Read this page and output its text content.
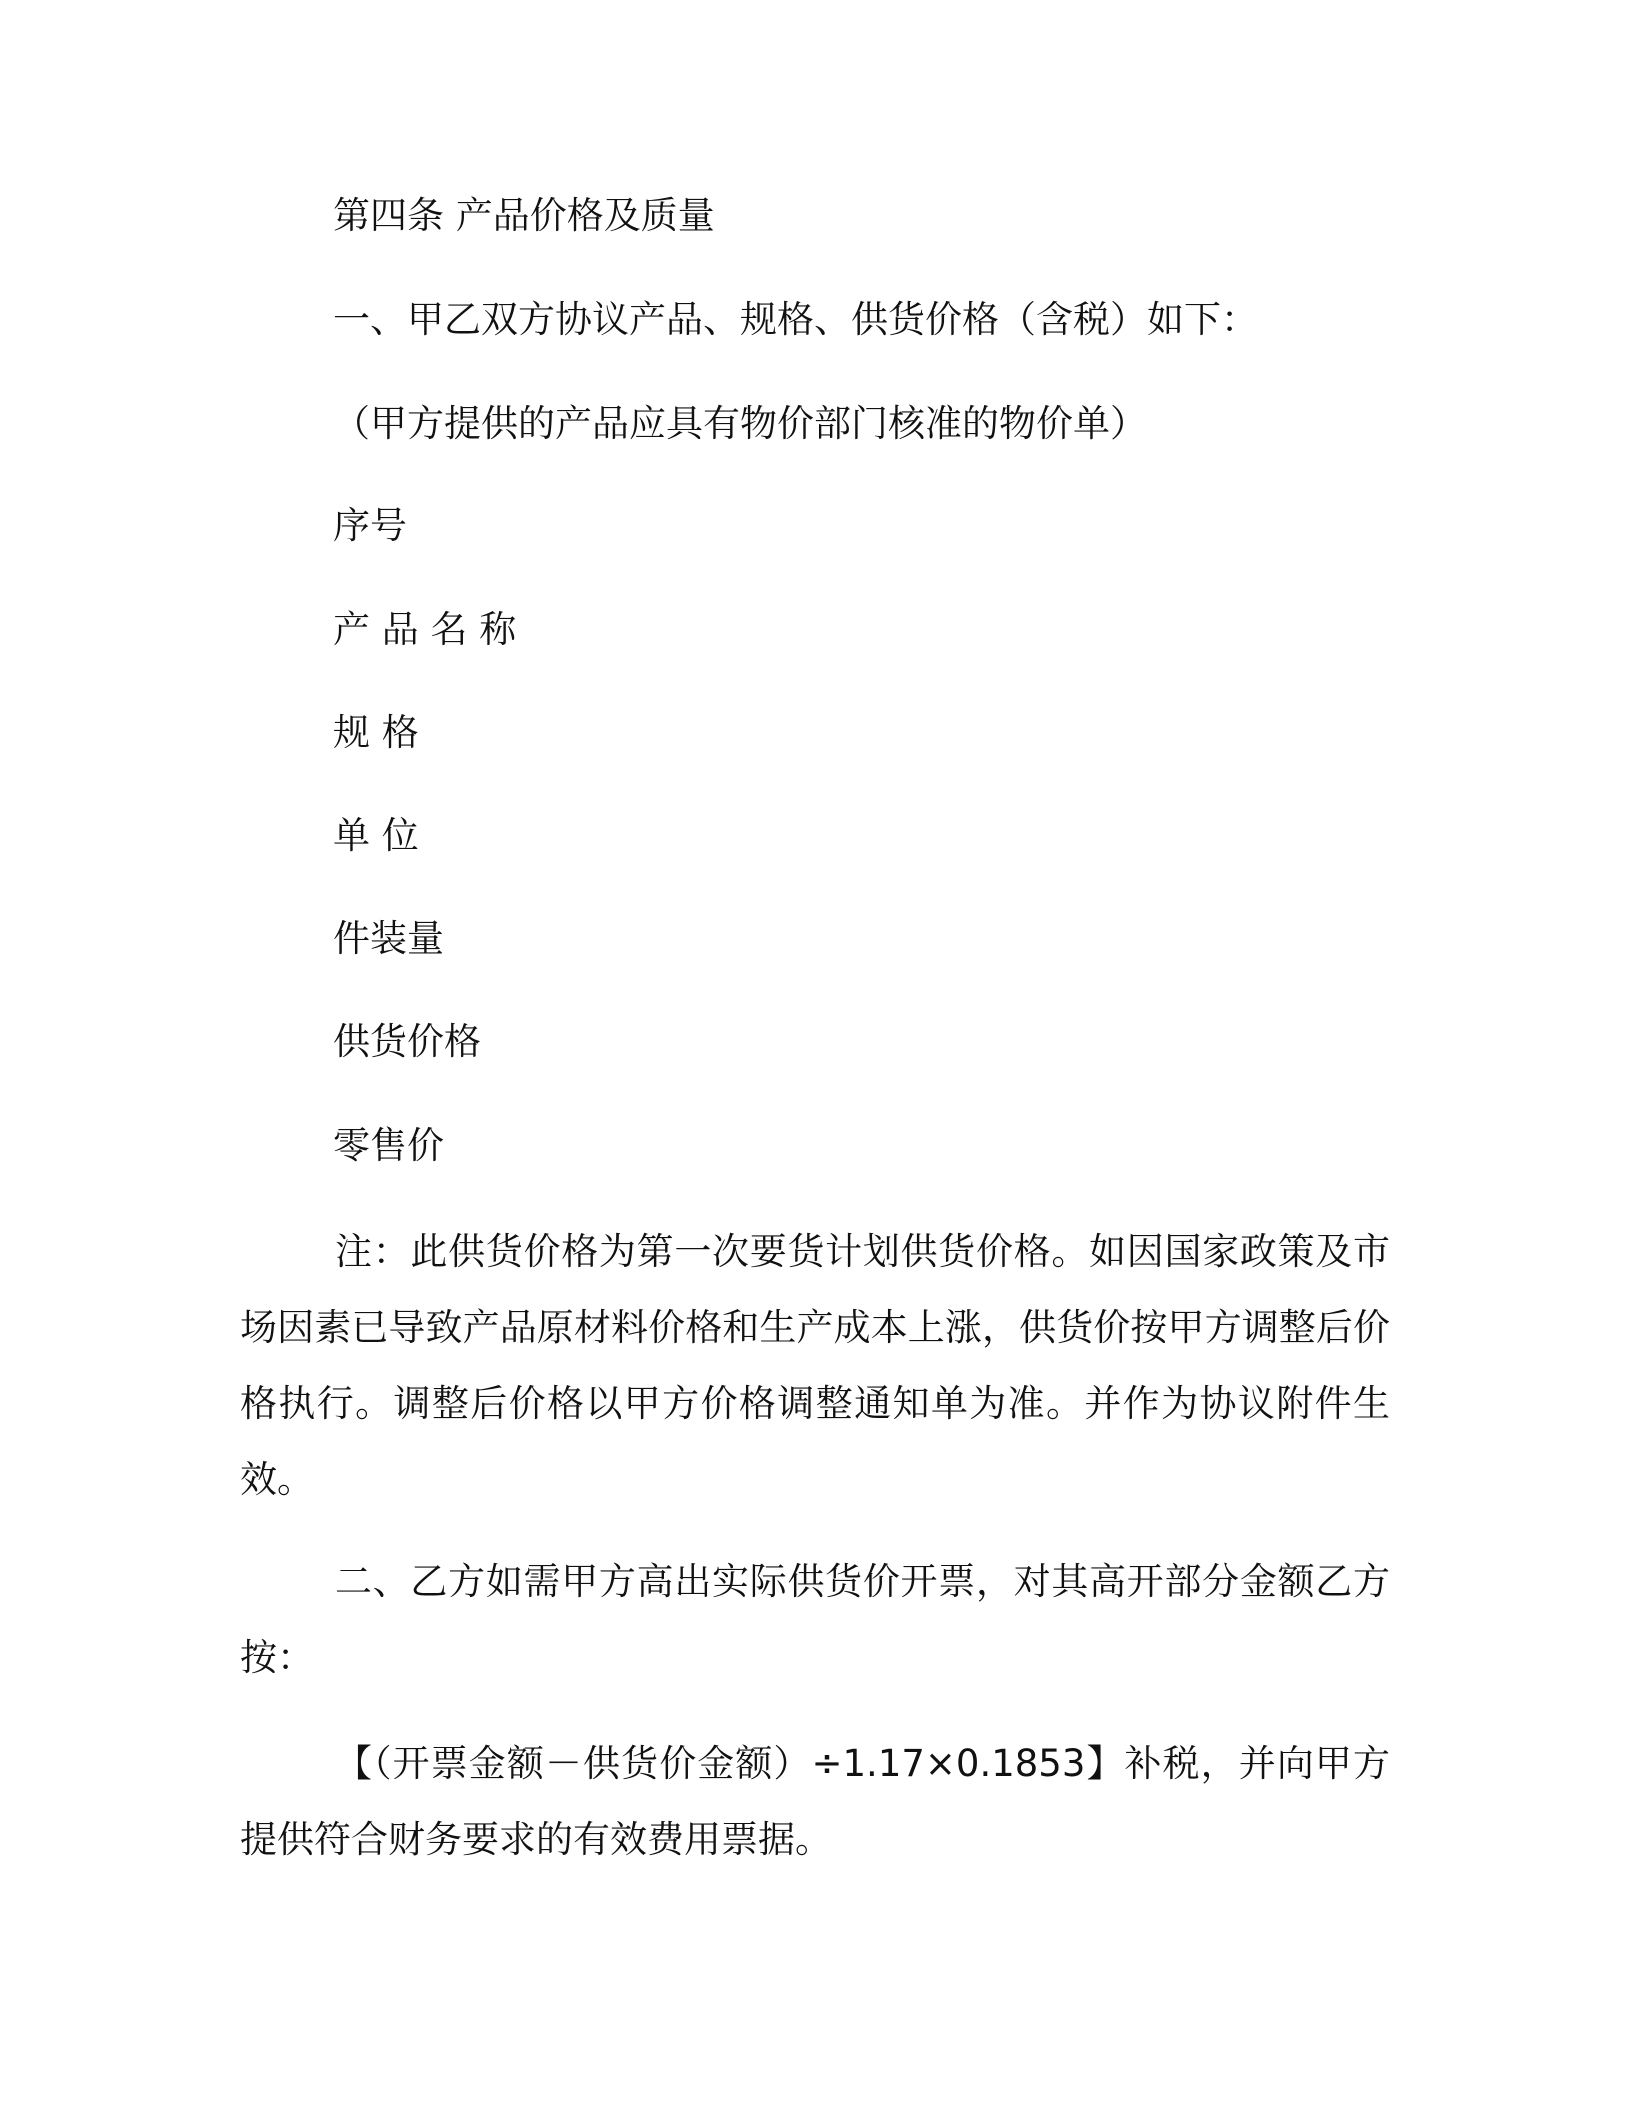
第四条 产品价格及质量

一、甲乙双方协议产品、规格、供货价格（含税）如下：

（甲方提供的产品应具有物价部门核准的物价单）

序号

产 品 名 称

规 格

单 位

件装量

供货价格

零售价

注：此供货价格为第一次要货计划供货价格。如因国家政策及市场因素已导致产品原材料价格和生产成本上涨，供货价按甲方调整后价格执行。调整后价格以甲方价格调整通知单为准。并作为协议附件生效。

二、乙方如需甲方高出实际供货价开票，对其高开部分金额乙方按：

【（开票金额－供货价金额）÷1.17×0.1853】补税，并向甲方提供符合财务要求的有效费用票据。
